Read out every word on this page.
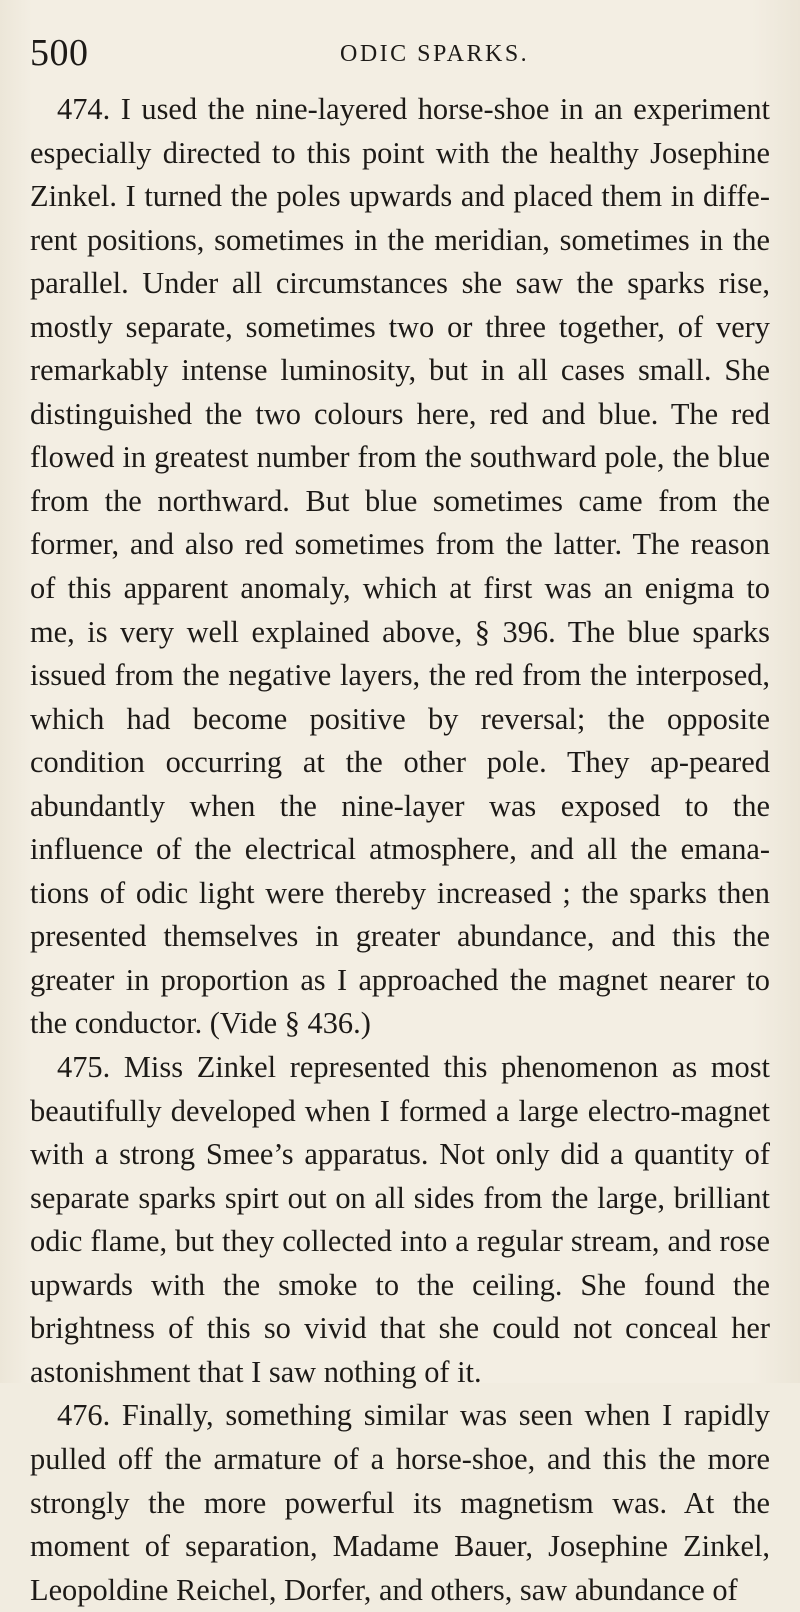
500	ODIC SPARKS.

474. I used the nine-layered horse-shoe in an experiment especially directed to this point with the healthy Josephine Zinkel. I turned the poles upwards and placed them in diffe-rent positions, sometimes in the meridian, sometimes in the parallel. Under all circumstances she saw the sparks rise, mostly separate, sometimes two or three together, of very remarkably intense luminosity, but in all cases small. She distinguished the two colours here, red and blue. The red flowed in greatest number from the southward pole, the blue from the northward. But blue sometimes came from the former, and also red sometimes from the latter. The reason of this apparent anomaly, which at first was an enigma to me, is very well explained above, § 396. The blue sparks issued from the negative layers, the red from the interposed, which had become positive by reversal; the opposite condition occurring at the other pole. They ap-peared abundantly when the nine-layer was exposed to the influence of the electrical atmosphere, and all the emana-tions of odic light were thereby increased ; the sparks then presented themselves in greater abundance, and this the greater in proportion as I approached the magnet nearer to the conductor. (Vide § 436.)

475. Miss Zinkel represented this phenomenon as most beautifully developed when I formed a large electro-magnet with a strong Smee’s apparatus. Not only did a quantity of separate sparks spirt out on all sides from the large, brilliant odic flame, but they collected into a regular stream, and rose upwards with the smoke to the ceiling. She found the brightness of this so vivid that she could not conceal her astonishment that I saw nothing of it.

476. Finally, something similar was seen when I rapidly pulled off the armature of a horse-shoe, and this the more strongly the more powerful its magnetism was. At the moment of separation, Madame Bauer, Josephine Zinkel, Leopoldine Reichel, Dorfer, and others, saw abundance of
